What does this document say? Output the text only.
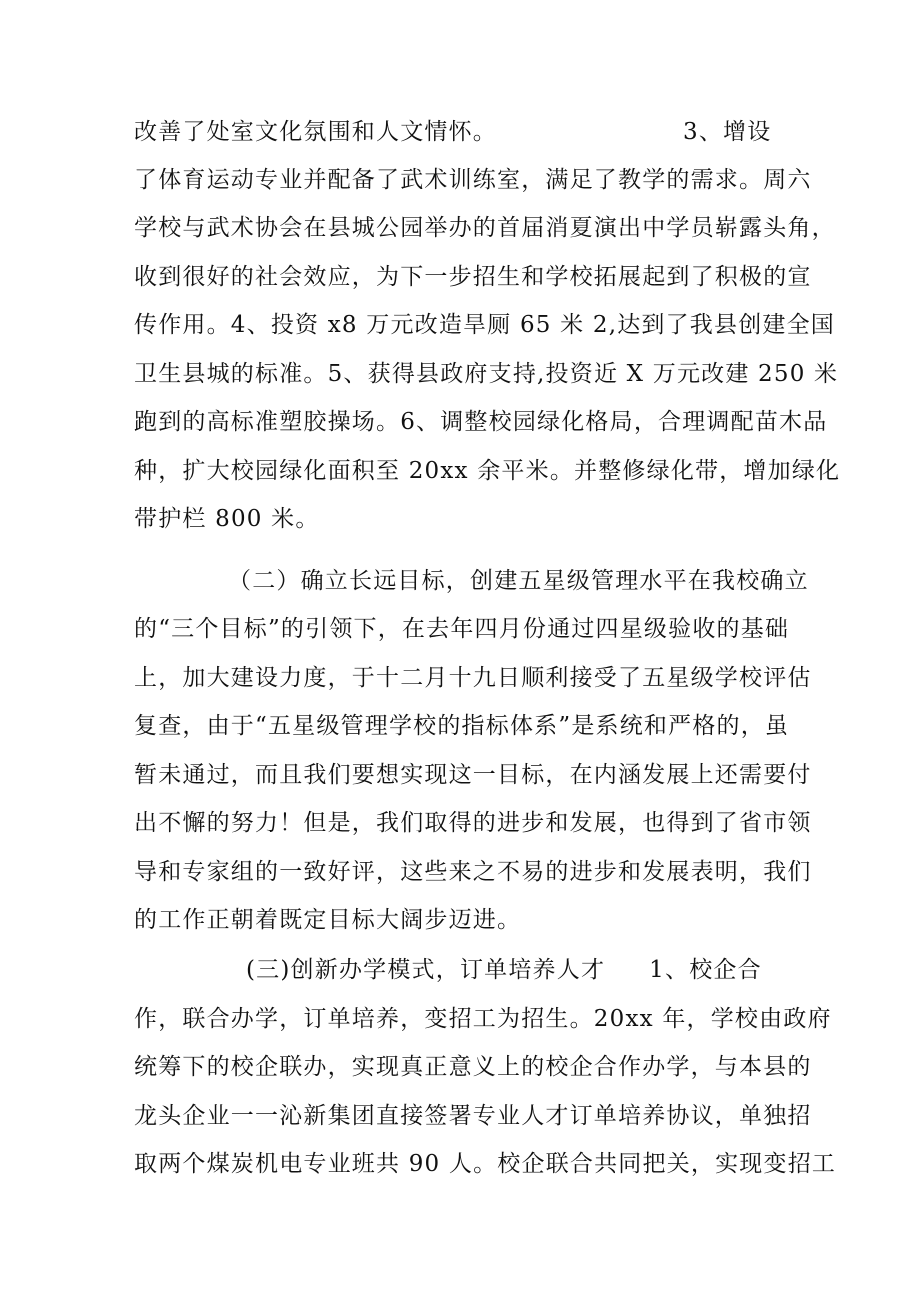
改善了处室文化氛围和人文情怀。	3、增设
了体育运动专业并配备了武术训练室，满足了教学的需求。周六
学校与武术协会在县城公园举办的首届消夏演出中学员崭露头角，
收到很好的社会效应，为下一步招生和学校拓展起到了积极的宣
传作用。4、投资 x8 万元改造旱厕 65 米 2,达到了我县创建全国
卫生县城的标准。5、获得县政府支持,投资近 X 万元改建 250 米
跑到的高标准塑胶操场。6、调整校园绿化格局，合理调配苗木品
种，扩大校园绿化面积至 20xx 余平米。并整修绿化带，增加绿化
带护栏 800 米。
（二）确立长远目标，创建五星级管理水平在我校确立
的“三个目标”的引领下，在去年四月份通过四星级验收的基础
上，加大建设力度，于十二月十九日顺利接受了五星级学校评估
复查，由于“五星级管理学校的指标体系”是系统和严格的，虽
暂未通过，而且我们要想实现这一目标，在内涵发展上还需要付
出不懈的努力！但是，我们取得的进步和发展，也得到了省市领
导和专家组的一致好评，这些来之不易的进步和发展表明，我们
的工作正朝着既定目标大阔步迈进。
(三)创新办学模式，订单培养人才 1、校企合
作，联合办学，订单培养，变招工为招生。20xx 年，学校由政府
统筹下的校企联办，实现真正意义上的校企合作办学，与本县的
龙头企业一一沁新集团直接签署专业人才订单培养协议，单独招
取两个煤炭机电专业班共 90 人。校企联合共同把关，实现变招工
